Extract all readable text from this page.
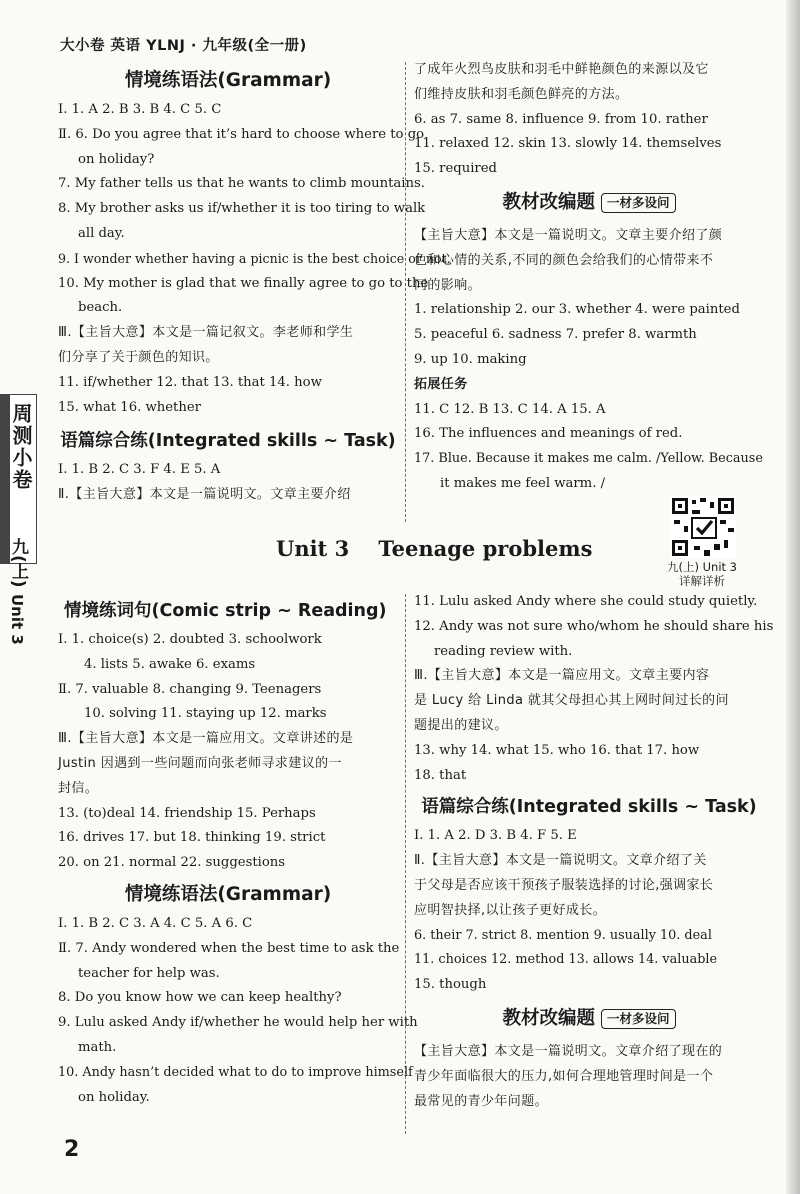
大小卷 英语 YLNJ · 九年级(全一册)
周测小卷
九(上)
Unit 3
情境练语法(Grammar)
Ⅰ. 1. A 2. B 3. B 4. C 5. C
Ⅱ. 6. Do you agree that it’s hard to choose where to go
on holiday?
7. My father tells us that he wants to climb mountains.
8. My brother asks us if/whether it is too tiring to walk
all day.
9. I wonder whether having a picnic is the best choice or not.
10. My mother is glad that we finally agree to go to the
beach.
Ⅲ.【主旨大意】本文是一篇记叙文。李老师和学生
们分享了关于颜色的知识。
11. if/whether 12. that 13. that 14. how
15. what 16. whether
语篇综合练(Integrated skills ~ Task)
Ⅰ. 1. B 2. C 3. F 4. E 5. A
Ⅱ.【主旨大意】本文是一篇说明文。文章主要介绍
了成年火烈鸟皮肤和羽毛中鲜艳颜色的来源以及它
们维持皮肤和羽毛颜色鲜亮的方法。
6. as 7. same 8. influence 9. from 10. rather
11. relaxed 12. skin 13. slowly 14. themselves
15. required
教材改编题 一材多设问
【主旨大意】本文是一篇说明文。文章主要介绍了颜
色和心情的关系,不同的颜色会给我们的心情带来不
同的影响。
1. relationship 2. our 3. whether 4. were painted
5. peaceful 6. sadness 7. prefer 8. warmth
9. up 10. making
拓展任务
11. C 12. B 13. C 14. A 15. A
16. The influences and meanings of red.
17. Blue. Because it makes me calm. /Yellow. Because
it makes me feel warm. /
九(上) Unit 3
详解详析
Unit 3    Teenage problems
情境练词句(Comic strip ~ Reading)
Ⅰ. 1. choice(s) 2. doubted 3. schoolwork
4. lists 5. awake 6. exams
Ⅱ. 7. valuable 8. changing 9. Teenagers
10. solving 11. staying up 12. marks
Ⅲ.【主旨大意】本文是一篇应用文。文章讲述的是
Justin 因遇到一些问题而向张老师寻求建议的一
封信。
13. (to)deal 14. friendship 15. Perhaps
16. drives 17. but 18. thinking 19. strict
20. on 21. normal 22. suggestions
情境练语法(Grammar)
Ⅰ. 1. B 2. C 3. A 4. C 5. A 6. C
Ⅱ. 7. Andy wondered when the best time to ask the
teacher for help was.
8. Do you know how we can keep healthy?
9. Lulu asked Andy if/whether he would help her with
math.
10. Andy hasn’t decided what to do to improve himself
on holiday.
11. Lulu asked Andy where she could study quietly.
12. Andy was not sure who/whom he should share his
reading review with.
Ⅲ.【主旨大意】本文是一篇应用文。文章主要内容
是 Lucy 给 Linda 就其父母担心其上网时间过长的问
题提出的建议。
13. why 14. what 15. who 16. that 17. how
18. that
语篇综合练(Integrated skills ~ Task)
Ⅰ. 1. A 2. D 3. B 4. F 5. E
Ⅱ.【主旨大意】本文是一篇说明文。文章介绍了关
于父母是否应该干预孩子服装选择的讨论,强调家长
应明智抉择,以让孩子更好成长。
6. their 7. strict 8. mention 9. usually 10. deal
11. choices 12. method 13. allows 14. valuable
15. though
教材改编题 一材多设问
【主旨大意】本文是一篇说明文。文章介绍了现在的
青少年面临很大的压力,如何合理地管理时间是一个
最常见的青少年问题。
2
